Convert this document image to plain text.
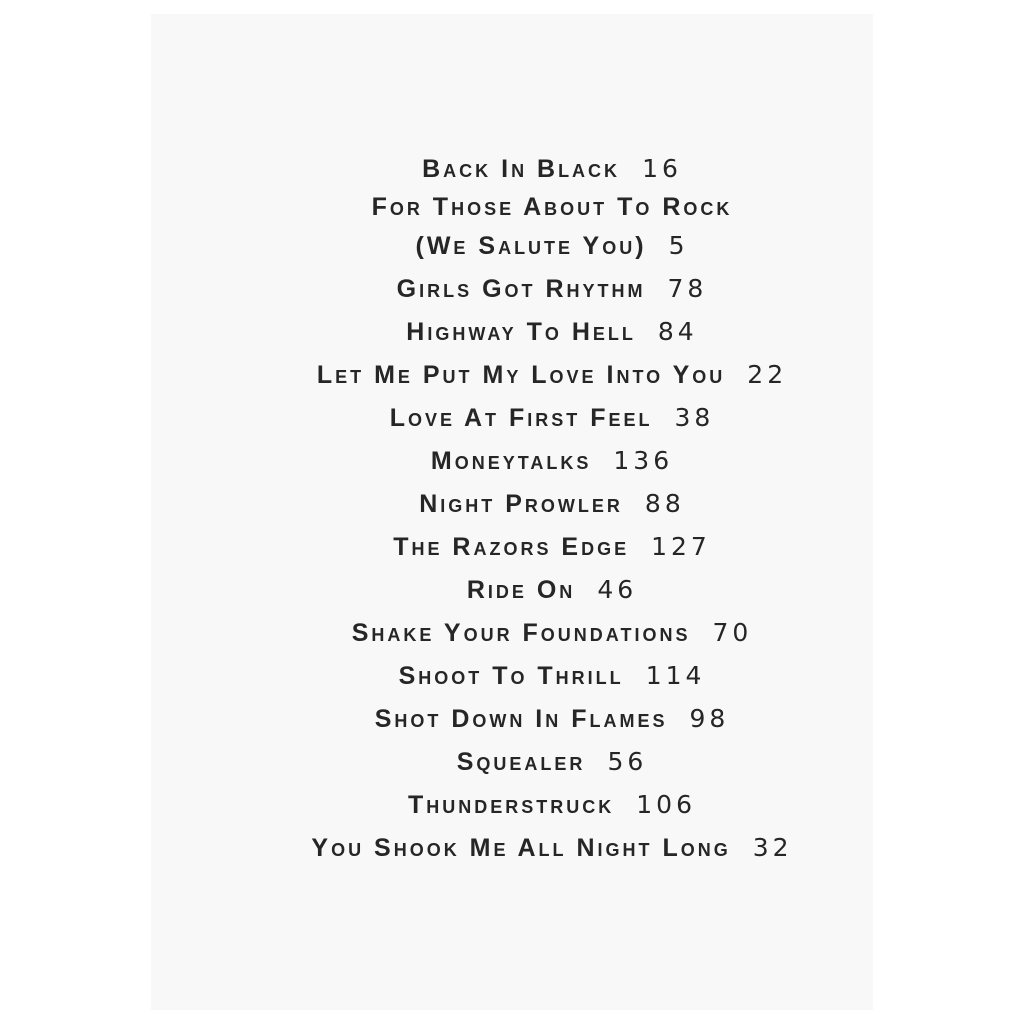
Back In Black 16
For Those About To Rock
(We Salute You) 5
Girls Got Rhythm 78
Highway To Hell 84
Let Me Put My Love Into You 22
Love At First Feel 38
Moneytalks 136
Night Prowler 88
The Razors Edge 127
Ride On 46
Shake Your Foundations 70
Shoot To Thrill 114
Shot Down In Flames 98
Squealer 56
Thunderstruck 106
You Shook Me All Night Long 32
